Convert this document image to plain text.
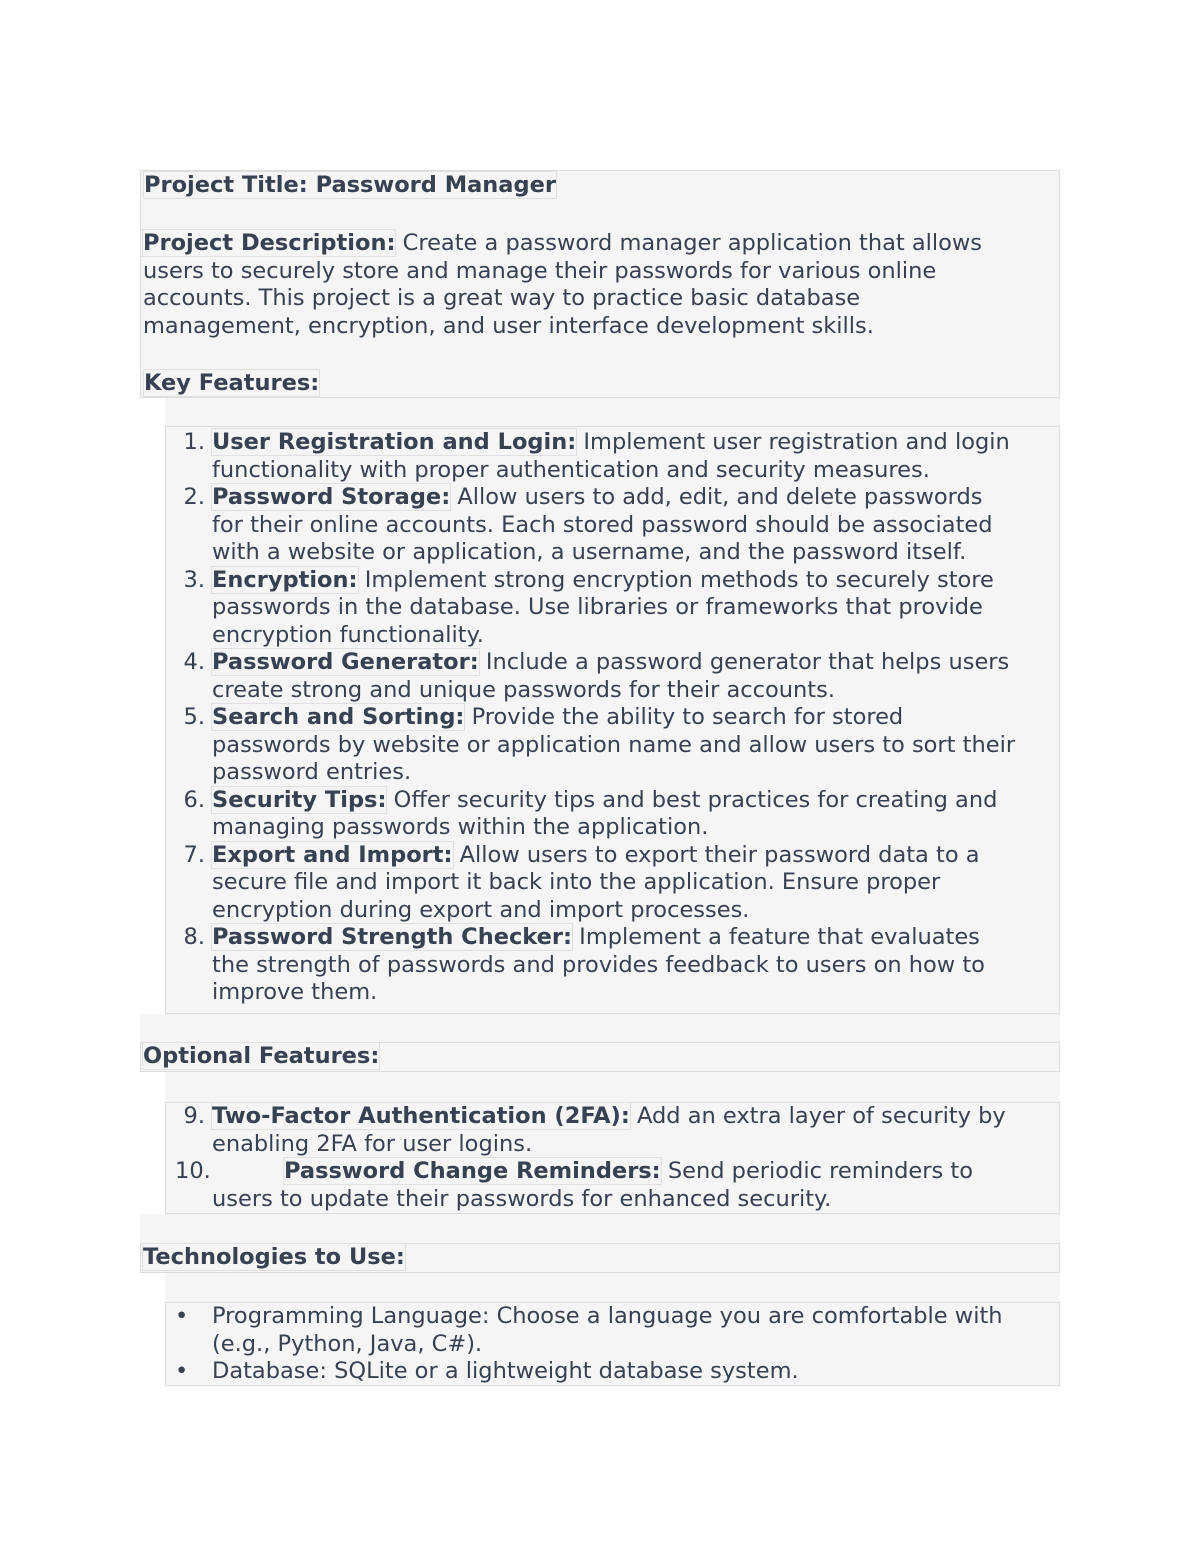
Project Title: Password Manager
Project Description: Create a password manager application that allows
users to securely store and manage their passwords for various online
accounts. This project is a great way to practice basic database
management, encryption, and user interface development skills.
Key Features:
1. User Registration and Login: Implement user registration and login
functionality with proper authentication and security measures.
2. Password Storage: Allow users to add, edit, and delete passwords
for their online accounts. Each stored password should be associated
with a website or application, a username, and the password itself.
3. Encryption: Implement strong encryption methods to securely store
passwords in the database. Use libraries or frameworks that provide
encryption functionality.
4. Password Generator: Include a password generator that helps users
create strong and unique passwords for their accounts.
5. Search and Sorting: Provide the ability to search for stored
passwords by website or application name and allow users to sort their
password entries.
6. Security Tips: Offer security tips and best practices for creating and
managing passwords within the application.
7. Export and Import: Allow users to export their password data to a
secure file and import it back into the application. Ensure proper
encryption during export and import processes.
8. Password Strength Checker: Implement a feature that evaluates
the strength of passwords and provides feedback to users on how to
improve them.
Optional Features:
9. Two-Factor Authentication (2FA): Add an extra layer of security by
enabling 2FA for user logins.
10.	Password Change Reminders: Send periodic reminders to
users to update their passwords for enhanced security.
Technologies to Use:
• Programming Language: Choose a language you are comfortable with
(e.g., Python, Java, C#).
• Database: SQLite or a lightweight database system.
